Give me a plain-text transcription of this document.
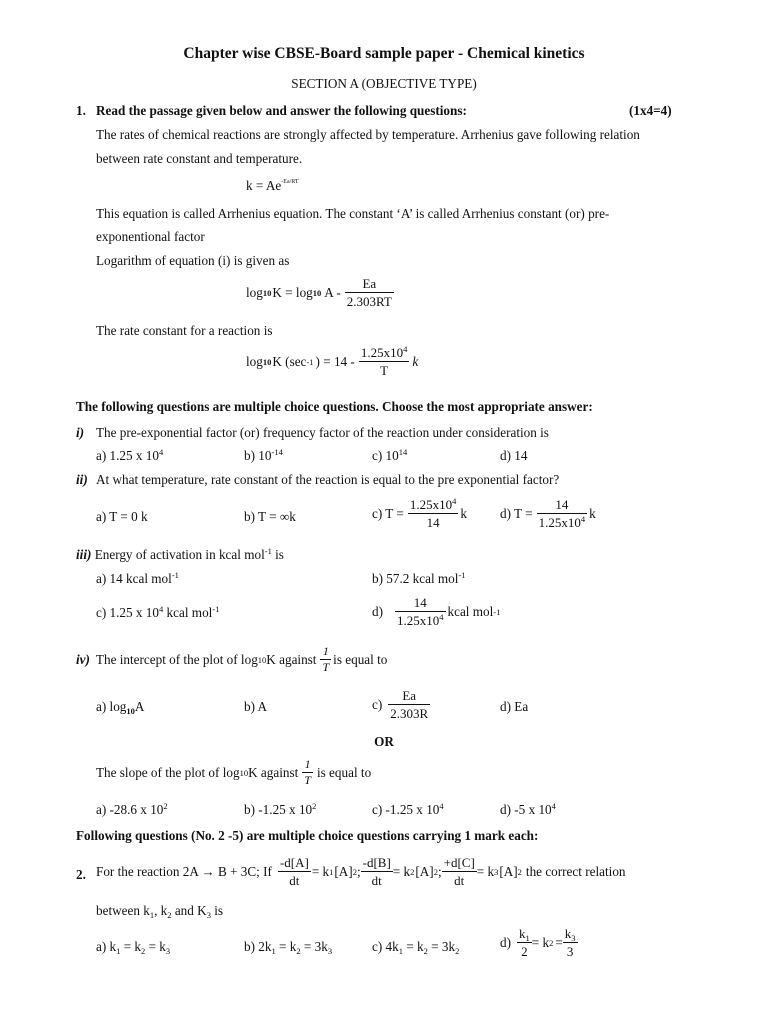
Chapter wise CBSE-Board sample paper - Chemical kinetics
SECTION A (OBJECTIVE TYPE)
1. Read the passage given below and answer the following questions:	(1x4=4)
The rates of chemical reactions are strongly affected by temperature. Arrhenius gave following relation
between rate constant and temperature.
$k = Ae^{-Ea/RT}$
This equation is called Arrhenius equation. The constant ‘A’ is called Arrhenius constant (or) pre-
exponentional factor
Logarithm of equation (i) is given as
log 10 K = log 10 A - $\frac{Ea}{2.303RT}$
The rate constant for a reaction is
log 10 K (sec -1 ) = $14 - \frac{1.25x10^4}{T}$ k
The following questions are multiple choice questions. Choose the most appropriate answer:
i) The pre-exponential factor (or) frequency factor of the reaction under consideration is
a) 1.25 x $10^4$	b) $10^{-14}$	c) $10^{14}$	d) 14
ii) At what temperature, rate constant of the reaction is equal to the pre exponential factor?
a) T = 0 k	b) T = ∞k	c) $T = \frac{1.25x10^4}{14}$ k	d) $T = \frac{14}{1.25x10^4}$ k
iii) Energy of activation in kcal mol$^{-1}$ is
a) 14 kcal mol$^{-1}$	b) 57.2 kcal mol$^{-1}$
c) 1.25 x $10^4$ kcal mol$^{-1}$	$d) \frac{14}{1.25x10^4}$ kcal mol -1
iv) The intercept of the plot of log 10 K against $\frac{1}{T}$ is equal to
a) $\log_{10}A$	b) A	$c) \frac{Ea}{2.303R}$	d) Ea
OR
The slope of the plot of log 10 K against $\frac{1}{T}$ is equal to
a) -28.6 x $10^2$	b) -1.25 x $10^2$	c) -1.25 x $10^4$	d) -5 x $10^4$
Following questions (No. 2 -5) are multiple choice questions carrying 1 mark each:
2. For the reaction 2A → B + 3C; If $\frac{-d[A]}{dt} = k$ 1 [A] 2 ; $\frac{-d[B]}{dt} = k$ 2 [A] 2 ; $\frac{+d[C]}{dt} = k$ 3 [A] 2 the correct relation
between $k_1$, $k_2$ and $K_3$ is
a) $k_1 = k_2 = k_3$	b) $2k_1 = k_2 = 3k_3$	c) $4k_1 = k_2 = 3k_2$
$d) \frac{k_1}{2} = k$ $2 = \frac{k_3}{3}$
